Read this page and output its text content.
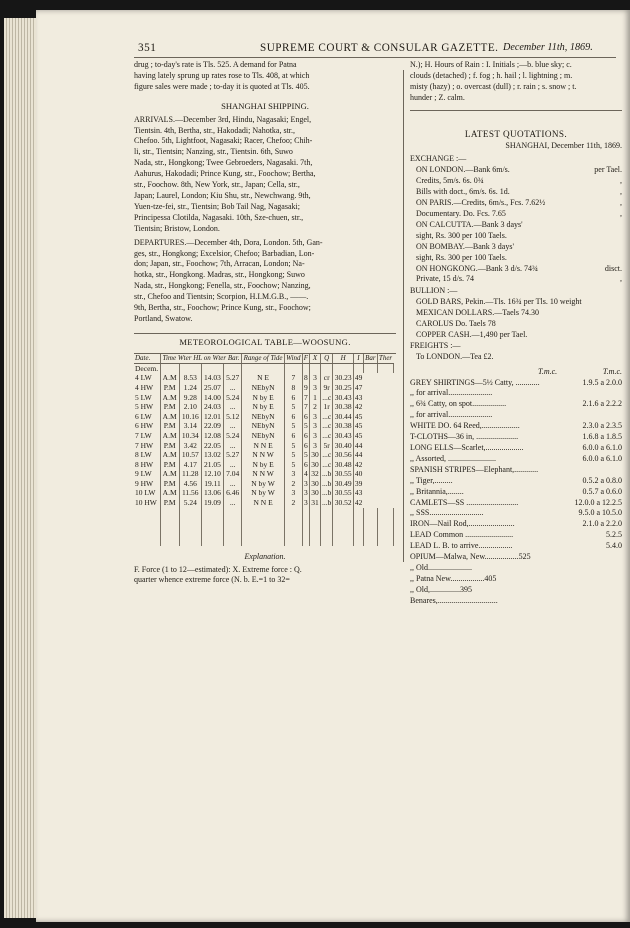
351	SUPREME COURT & CONSULAR GAZETTE. December 11th, 1869.
drug ; to-day's rate is Tls. 525. A demand for Patna
having lately sprung up rates rose to Tls. 408, at which
figure sales were made ; to-day it is quoted at Tls. 405.
SHANGHAI SHIPPING.
ARRIVALS.—December 3rd, Hindu, Nagasaki; Engel,
Tientsin. 4th, Bertha, str., Hakodadi; Nahotka, str.,
Chefoo. 5th, Lightfoot, Nagasaki; Racer, Chefoo; Chih-
li, str., Tientsin; Nanzing, str., Tientsin. 6th, Suwo
Nada, str., Hongkong; Twee Gebroeders, Nagasaki. 7th,
Aahurus, Hakodadi; Prince Kung, str., Foochow; Bertha,
str., Foochow. 8th, New York, str., Japan; Cella, str.,
Japan; Laurel, London; Kiu Shu, str., Newchwang. 9th,
Yuen-tze-fei, str., Tientsin; Bob Tail Nag, Nagasaki;
Principessa Clotilda, Nagasaki. 10th, Sze-chuen, str.,
Tientsin; Bristow, London.
DEPARTURES.—December 4th, Dora, London. 5th, Gan-
ges, str., Hongkong; Excelsior, Chefoo; Barbadian, Lon-
don; Japan, str., Foochow; 7th, Arracan, London; Na-
hotka, str., Hongkong. Madras, str., Hongkong; Suwo
Nada, str., Hongkong; Fenella, str., Foochow; Nanzing,
str., Chefoo and Tientsin; Scorpion, H.I.M.G.B., ——.
9th, Bertha, str., Foochow; Prince Kung, str., Foochow;
Portland, Swatow.
METEOROLOGICAL TABLE—WOOSUNG.
Date.	Time Wter HL on Wter Bar.				Range of Tide	Wind	F	X	Q	H	I	Bar	Ther	
Decem.														
4 LW	A.M	8.53	14.03	5.27	N E	7	8	3	cr	30.23	49			
4 HW	P.M	1.24	25.07	...	NEbyN	8	9	3	9r	30.25	47			
5 LW	A.M	9.28	14.00	5.24	N by E	6	7	1	...c	30.43	43			
5 HW	P.M	2.10	24.03	...	N by E	5	7	2	1r	30.38	42			
6 LW	A.M	10.16	12.01	5.12	NEbyN	6	6	3	...c	30.44	45			
6 HW	P.M	3.14	22.09	...	NEbyN	5	5	3	...c	30.38	45			
7 LW	A.M	10.34	12.08	5.24	NEbyN	6	6	3	...c	30.43	45			
7 HW	P.M	3.42	22.05	...	N N E	5	6	3	5r	30.40	44			
8 LW	A.M	10.57	13.02	5.27	N N W	5	5	30	...c	30.56	44			
8 HW	P.M	4.17	21.05	...	N by E	5	6	30	...c	30.48	42			
9 LW	A.M	11.28	12.10	7.04	N N W	3	4	32	...b	30.55	40			
9 HW	P.M	4.56	19.11	...	N by W	2	3	30	...b	30.49	39			
10 LW	A.M	11.56	13.06	6.46	N by W	3	3	30	...b	30.55	43			
10 HW	P.M	5.24	19.09	...	N N E	2	3	31	...b	30.52	42			

Explanation.
F. Force (1 to 12—estimated): X. Extreme force : Q.
quarter whence extreme force (N. b. E.=1 to 32=
N.); H. Hours of Rain : I. Initials ;—b. blue sky; c.
clouds (detached) ; f. fog ; h. hail ; l. lightning ; m.
misty (hazy) ; o. overcast (dull) ; r. rain ; s. snow ; t.
hunder ; Z. calm.
LATEST QUOTATIONS.
SHANGHAI, December 11th, 1869.
EXCHANGE :—
ON LONDON.—Bank 6m/s.	per Tael.
Credits, 5m/s. 6s. 0¾	,
Bills with doct., 6m/s. 6s. 1d.	,
ON PARIS.—Credits, 6m/s., Fcs. 7.62½	,
Documentary. Do. Fcs. 7.65	,
ON CALCUTTA.—Bank 3 days'
sight, Rs. 300 per 100 Taels.
ON BOMBAY.—Bank 3 days'
sight, Rs. 300 per 100 Taels.
ON HONGKONG.—Bank 3 d/s. 74¾	disct.
Private, 15 d/s. 74	,
BULLION :—
GOLD BARS, Pekin.—Tls. 16¾ per Tls. 10 weight
MEXICAN DOLLARS.—Taels 74.30
CAROLUS Do. Taels 78
COPPER CASH.—1,490 per Tael.
FREIGHTS :—
To LONDON.—Tea £2.
T.m.c.	T.m.c.
GREY SHIRTINGS—5½ Catty, ............	1.9.5 a 2.0.0
,, for arrival......................
,, 6¾ Catty, on spot.................	2.1.6 a 2.2.2
,, for arrival......................
WHITE DO. 64 Reed,...................	2.3.0 a 2.3.5
T-CLOTHS—36 in, .....................	1.6.8 a 1.8.5
LONG ELLS—Scarlet,...................	6.0.0 a 6.1.0
,, Assorted, ........................	6.0.0 a 6.1.0
SPANISH STRIPES—Elephant,............
,, Tiger,.........	0.5.2 a 0.8.0
,, Britannia,........	0.5.7 a 0.6.0
CAMLETS—SS ..........................	12.0.0 a 12.2.5
,, SSS...........................	9.5.0 a 10.5.0
IRON—Nail Rod,.......................	2.1.0 a 2.2.0
LEAD Common ........................	5.2.5
LEAD L. B. to arrive.................	5.4.0
OPIUM—Malwa, New.................525
,, Old......................
,, Patna New.................405
,, Old,...............395
Benares,..............................
